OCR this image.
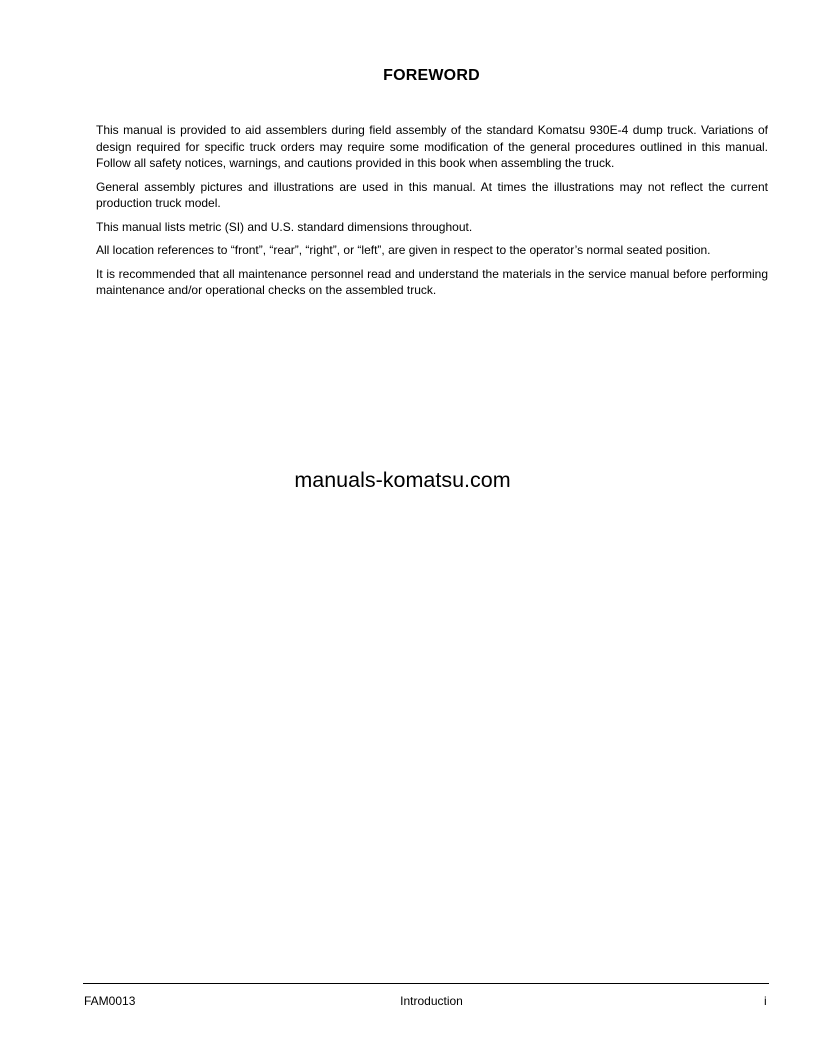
FOREWORD

This manual is provided to aid assemblers during field assembly of the standard Komatsu 930E-4 dump truck. Variations of design required for specific truck orders may require some modification of the general procedures outlined in this manual. Follow all safety notices, warnings, and cautions provided in this book when assembling the truck.

General assembly pictures and illustrations are used in this manual. At times the illustrations may not reflect the current production truck model.

This manual lists metric (SI) and U.S. standard dimensions throughout.

All location references to “front”, “rear”, “right”, or “left”, are given in respect to the operator’s normal seated position.

It is recommended that all maintenance personnel read and understand the materials in the service manual before performing maintenance and/or operational checks on the assembled truck.

manuals-komatsu.com
FAM0013	Introduction	i
